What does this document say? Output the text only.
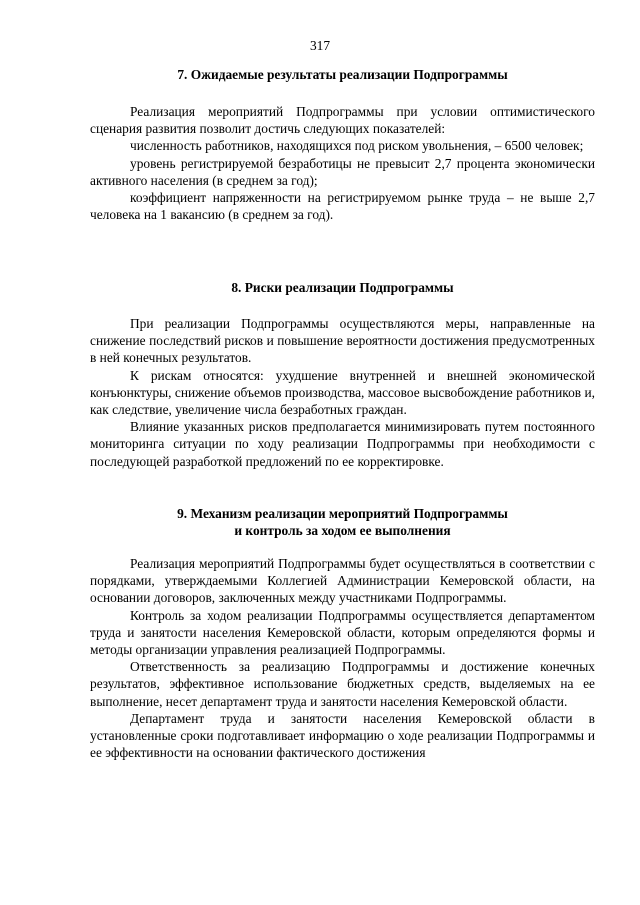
317

7. Ожидаемые результаты реализации Подпрограммы

Реализация мероприятий Подпрограммы при условии оптимистического сценария развития позволит достичь следующих показателей:

численность работников, находящихся под риском увольнения, – 6500 человек;

уровень регистрируемой безработицы не превысит 2,7 процента экономически активного населения (в среднем за год);

коэффициент напряженности на регистрируемом рынке труда – не выше 2,7 человека на 1 вакансию (в среднем за год).

8. Риски реализации Подпрограммы

При реализации Подпрограммы осуществляются меры, направленные на снижение последствий рисков и повышение вероятности достижения предусмотренных в ней конечных результатов.

К рискам относятся: ухудшение внутренней и внешней экономической конъюнктуры, снижение объемов производства, массовое высвобождение работников и, как следствие, увеличение числа безработных граждан.

Влияние указанных рисков предполагается минимизировать путем постоянного мониторинга ситуации по ходу реализации Подпрограммы при необходимости с последующей разработкой предложений по ее корректировке.

9. Механизм реализации мероприятий Подпрограммы

и контроль за ходом ее выполнения

Реализация мероприятий Подпрограммы будет осуществляться в соответствии с порядками, утверждаемыми Коллегией Администрации Кемеровской области, на основании договоров, заключенных между участниками Подпрограммы.

Контроль за ходом реализации Подпрограммы осуществляется департаментом труда и занятости населения Кемеровской области, которым определяются формы и методы организации управления реализацией Подпрограммы.

Ответственность за реализацию Подпрограммы и достижение конечных результатов, эффективное использование бюджетных средств, выделяемых на ее выполнение, несет департамент труда и занятости населения Кемеровской области.

Департамент труда и занятости населения Кемеровской области в установленные сроки подготавливает информацию о ходе реализации Подпрограммы и ее эффективности на основании фактического достижения
